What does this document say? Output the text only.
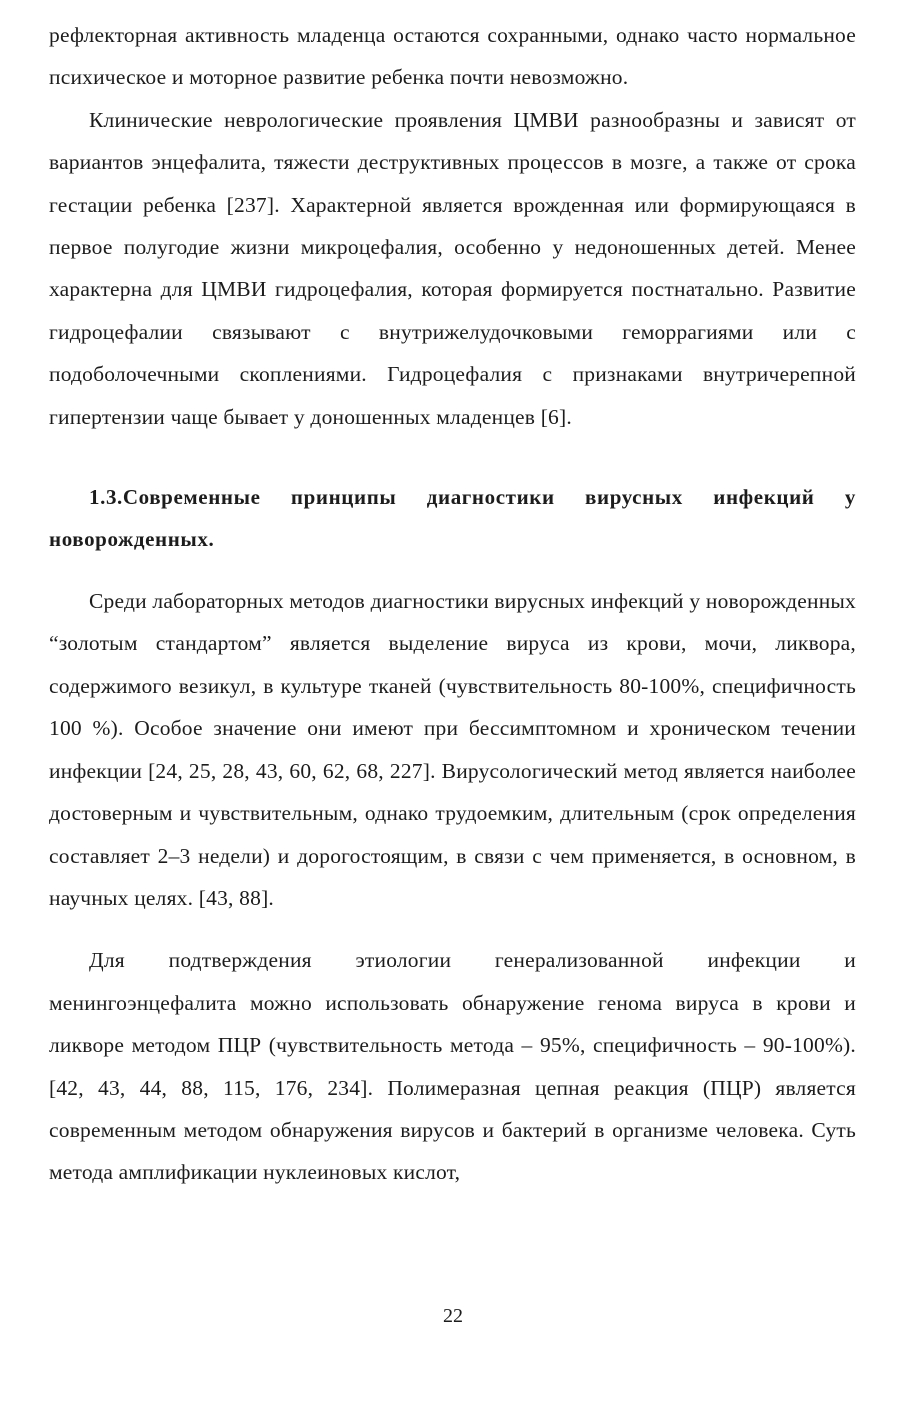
рефлекторная активность младенца остаются сохранными, однако часто нормальное психическое и моторное развитие ребенка почти невозможно.

Клинические неврологические проявления ЦМВИ разнообразны и зависят от вариантов энцефалита, тяжести деструктивных процессов в мозге, а также от срока гестации ребенка [237]. Характерной является врожденная или формирующаяся в первое полугодие жизни микроцефалия, особенно у недоношенных детей. Менее характерна для ЦМВИ гидроцефалия, которая формируется постнатально. Развитие гидроцефалии связывают с внутрижелудочковыми геморрагиями или с подоболочечными скоплениями. Гидроцефалия с признаками внутричерепной гипертензии чаще бывает у доношенных младенцев [6].

1.3.Современные принципы диагностики вирусных инфекций у новорожденных.

Среди лабораторных методов диагностики вирусных инфекций у новорожденных “золотым стандартом” является выделение вируса из крови, мочи, ликвора, содержимого везикул, в культуре тканей (чувствительность 80-100%, специфичность 100 %). Особое значение они имеют при бессимптомном и хроническом течении инфекции [24, 25, 28, 43, 60, 62, 68, 227]. Вирусологический метод является наиболее достоверным и чувствительным, однако трудоемким, длительным (срок определения составляет 2–3 недели) и дорогостоящим, в связи с чем применяется, в основном, в научных целях. [43, 88].

Для подтверждения этиологии генерализованной инфекции и менингоэнцефалита можно использовать обнаружение генома вируса в крови и ликворе методом ПЦР (чувствительность метода – 95%, специфичность – 90-100%). [42, 43, 44, 88, 115, 176, 234]. Полимеразная цепная реакция (ПЦР) является современным методом обнаружения вирусов и бактерий в организме человека. Суть метода амплификации нуклеиновых кислот,

22
